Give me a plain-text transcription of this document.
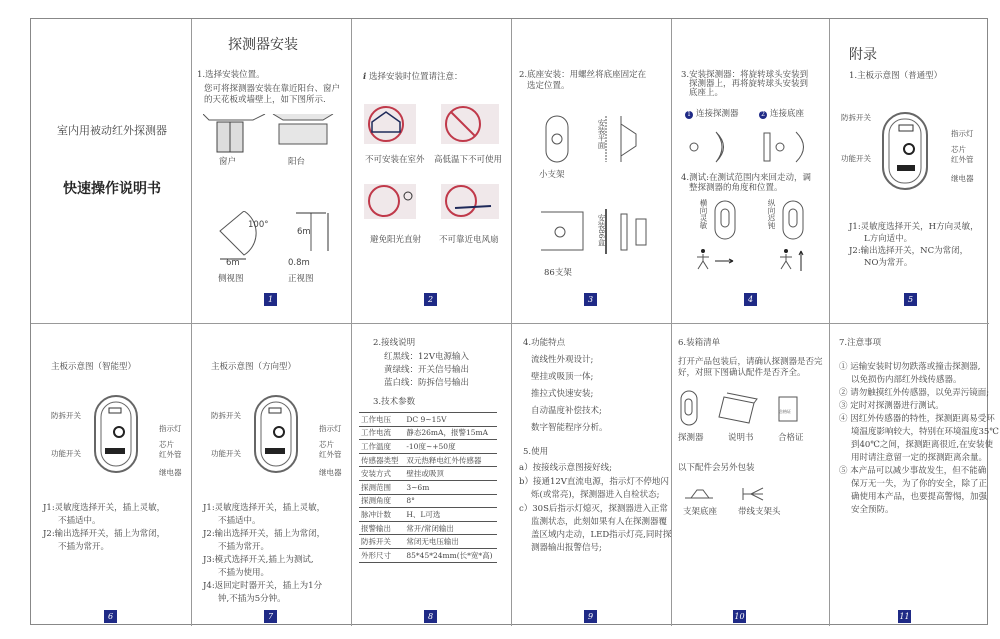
室内用被动红外探测器
快速操作说明书
探测器安装
1.选择安装位置。
您可将探测器安装在靠近阳台、窗户
的天花板或墙壁上，如下图所示.
窗户	阳台
100°
6m
6m
0.8m
侧视图	正视图
1
i 选择安装时位置请注意：
不可安装在室外 高低温下不可使用
避免阳光直射 不可靠近电风扇
2
2.底座安装：用螺丝将底座固定在
选定位置。
小支架
安装平面
安装86盒
86支架
3
3.安装探测器：将旋转球头安装到
探测器上，再将旋转球头安装到
底座上。
1 连接探测器	2 连接底座
4.测试:在测试范围内来回走动，调
整探测器的角度和位置。
横向灵敏	纵向迟钝
4
附录
1.主板示意图（普通型）
防拆开关
功能开关
指示灯
芯片
红外管
继电器
J1:灵敏度选择开关，H方向灵敏，
L方向适中。
J2:输出选择开关，NC为常闭，
NO为常开。
5
主板示意图（智能型）
防拆开关
功能开关
指示灯
芯片
红外管
继电器
J1:灵敏度选择开关，插上灵敏，
不插适中。
J2:输出选择开关，插上为常闭，
不插为常开。
6
主板示意图（方向型）
防拆开关
功能开关
指示灯
芯片
红外管
继电器
J1:灵敏度选择开关，插上灵敏，
不插适中。
J2:输出选择开关，插上为常闭，
不插为常开。
J3:模式选择开关,插上为测试,
不插为使用。
J4:返回定时器开关，插上为1分
钟,不插为5分钟。
7
2.接线说明
红黑线：12V电源输入
黄绿线：开关信号输出
蓝白线：防拆信号输出
3.技术参数
工作电压	DC 9~15V
工作电流	静态26mA，报警15mA
工作温度	-10度~+50度
传感器类型	双元热释电红外传感器
安装方式	壁挂或吸顶
探测范围	3~6m
探测角度	8°
脉冲计数	H、L可选
报警输出	常开/常闭输出
防拆开关	常闭无电压输出
外形尺寸	85*45*24mm(长*宽*高)
8
4.功能特点
流线性外观设计;
壁挂或吸顶一体;
推拉式快速安装;
自动温度补偿技术;
数字智能程序分析。
5.使用
a）按接线示意图接好线;
b）接通12V直流电源，指示灯不停地闪
烁(或常亮)，探测器进入自检状态;
c）30S后指示灯熄灭，探测器进入正常
监测状态，此刻如果有人在探测器覆
盖区域内走动，LED指示灯亮,同时探
测器输出报警信号;
9
6.装箱清单
打开产品包装后，请确认探测器是否完
好，对照下图确认配件是否齐全。
合格证
探测器	说明书	合格证
以下配件会另外包装
支架底座 带线支架头
10
7.注意事项
① 运输安装时切勿跌落或撞击探测器,
以免损伤内部红外线传感器。
② 请勿触摸红外传感器，以免弄污镜面;
③ 定时对探测器进行测试。
④ 因红外传感器的特性，探测距离易受环
境温度影响较大，特别在环境温度35℃
到40℃之间，探测距离很近,在安装使
用时请注意留一定的探测距离余量。
⑤ 本产品可以减少事故发生，但不能确
保万无一失，为了你的安全，除了正
确使用本产品，也要提高警惕，加强
安全预防。
11
